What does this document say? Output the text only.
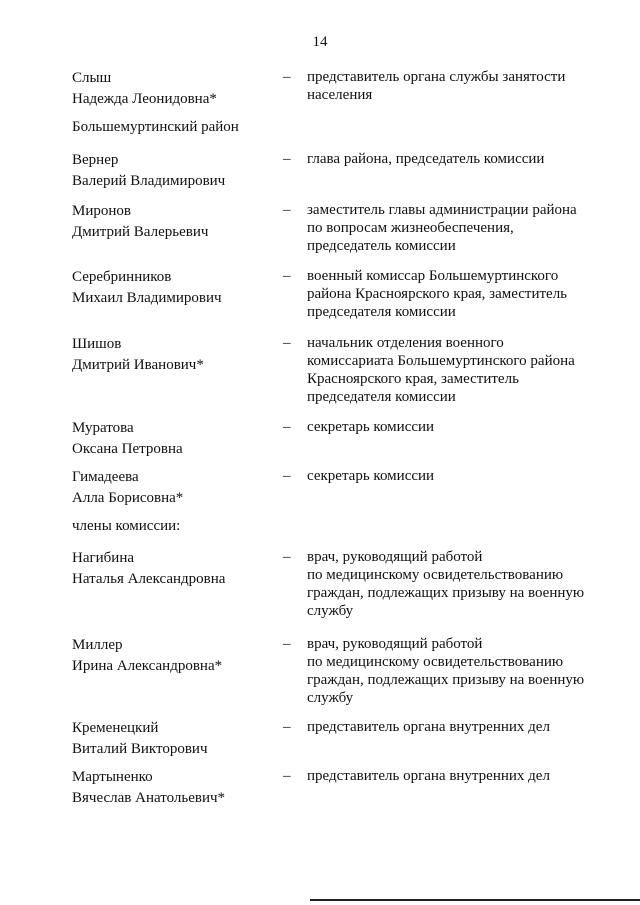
14
Слыш
Надежда Леонидовна*
– представитель органа службы занятости
населения
Большемуртинский район
Вернер
Валерий Владимирович
– глава района, председатель комиссии
Миронов
Дмитрий Валерьевич
– заместитель главы администрации района
по вопросам жизнеобеспечения,
председатель комиссии
Серебринников
Михаил Владимирович
– военный комиссар Большемуртинского
района Красноярского края, заместитель
председателя комиссии
Шишов
Дмитрий Иванович*
– начальник отделения военного
комиссариата Большемуртинского района
Красноярского края, заместитель
председателя комиссии
Муратова
Оксана Петровна
– секретарь комиссии
Гимадеева
Алла Борисовна*
– секретарь комиссии
члены комиссии:
Нагибина
Наталья Александровна
– врач, руководящий работой
по медицинскому освидетельствованию
граждан, подлежащих призыву на военную
службу
Миллер
Ирина Александровна*
– врач, руководящий работой
по медицинскому освидетельствованию
граждан, подлежащих призыву на военную
службу
Кременецкий
Виталий Викторович
– представитель органа внутренних дел
Мартыненко
Вячеслав Анатольевич*
– представитель органа внутренних дел
